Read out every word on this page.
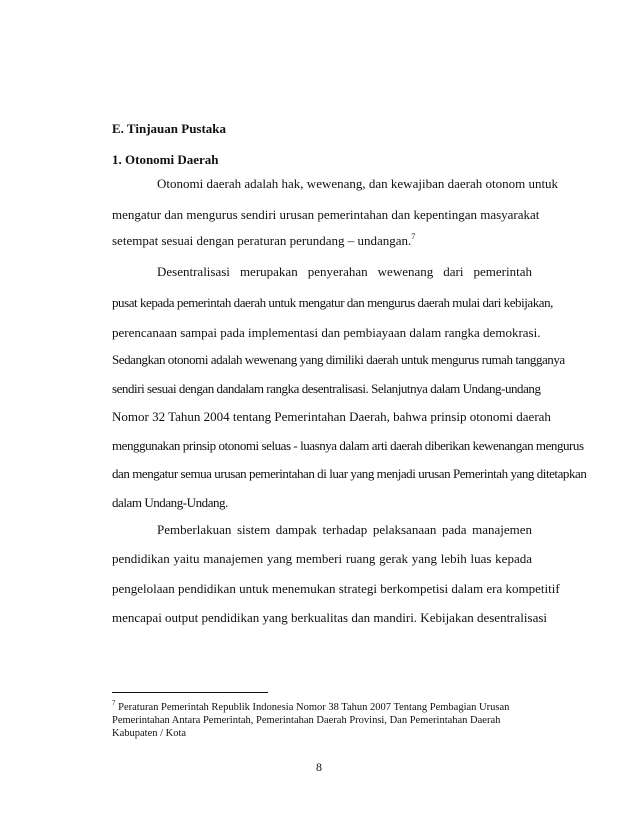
E. Tinjauan Pustaka
1. Otonomi Daerah
Otonomi daerah adalah hak, wewenang, dan kewajiban daerah otonom untuk
mengatur dan mengurus sendiri urusan pemerintahan dan kepentingan masyarakat
setempat sesuai dengan peraturan perundang – undangan.$^7$
Desentralisasi merupakan penyerahan wewenang dari pemerintah
pusat kepada pemerintah daerah untuk mengatur dan mengurus daerah mulai dari kebijakan,
perencanaan sampai pada implementasi dan pembiayaan dalam rangka demokrasi.
Sedangkan otonomi adalah wewenang yang dimiliki daerah untuk mengurus rumah tangganya
sendiri sesuai dengan dandalam rangka desentralisasi. Selanjutnya dalam Undang-undang
Nomor 32 Tahun 2004 tentang Pemerintahan Daerah, bahwa prinsip otonomi daerah
menggunakan prinsip otonomi seluas - luasnya dalam arti daerah diberikan kewenangan mengurus
dan mengatur semua urusan pemerintahan di luar yang menjadi urusan Pemerintah yang ditetapkan
dalam Undang-Undang.
Pemberlakuan sistem dampak terhadap pelaksanaan pada manajemen
pendidikan yaitu manajemen yang memberi ruang gerak yang lebih luas kepada
pengelolaan pendidikan untuk menemukan strategi berkompetisi dalam era kompetitif
mencapai output pendidikan yang berkualitas dan mandiri. Kebijakan desentralisasi
$^7$ Peraturan Pemerintah Republik Indonesia Nomor 38 Tahun 2007 Tentang Pembagian Urusan
Pemerintahan Antara Pemerintah, Pemerintahan Daerah Provinsi, Dan Pemerintahan Daerah
Kabupaten / Kota
8
